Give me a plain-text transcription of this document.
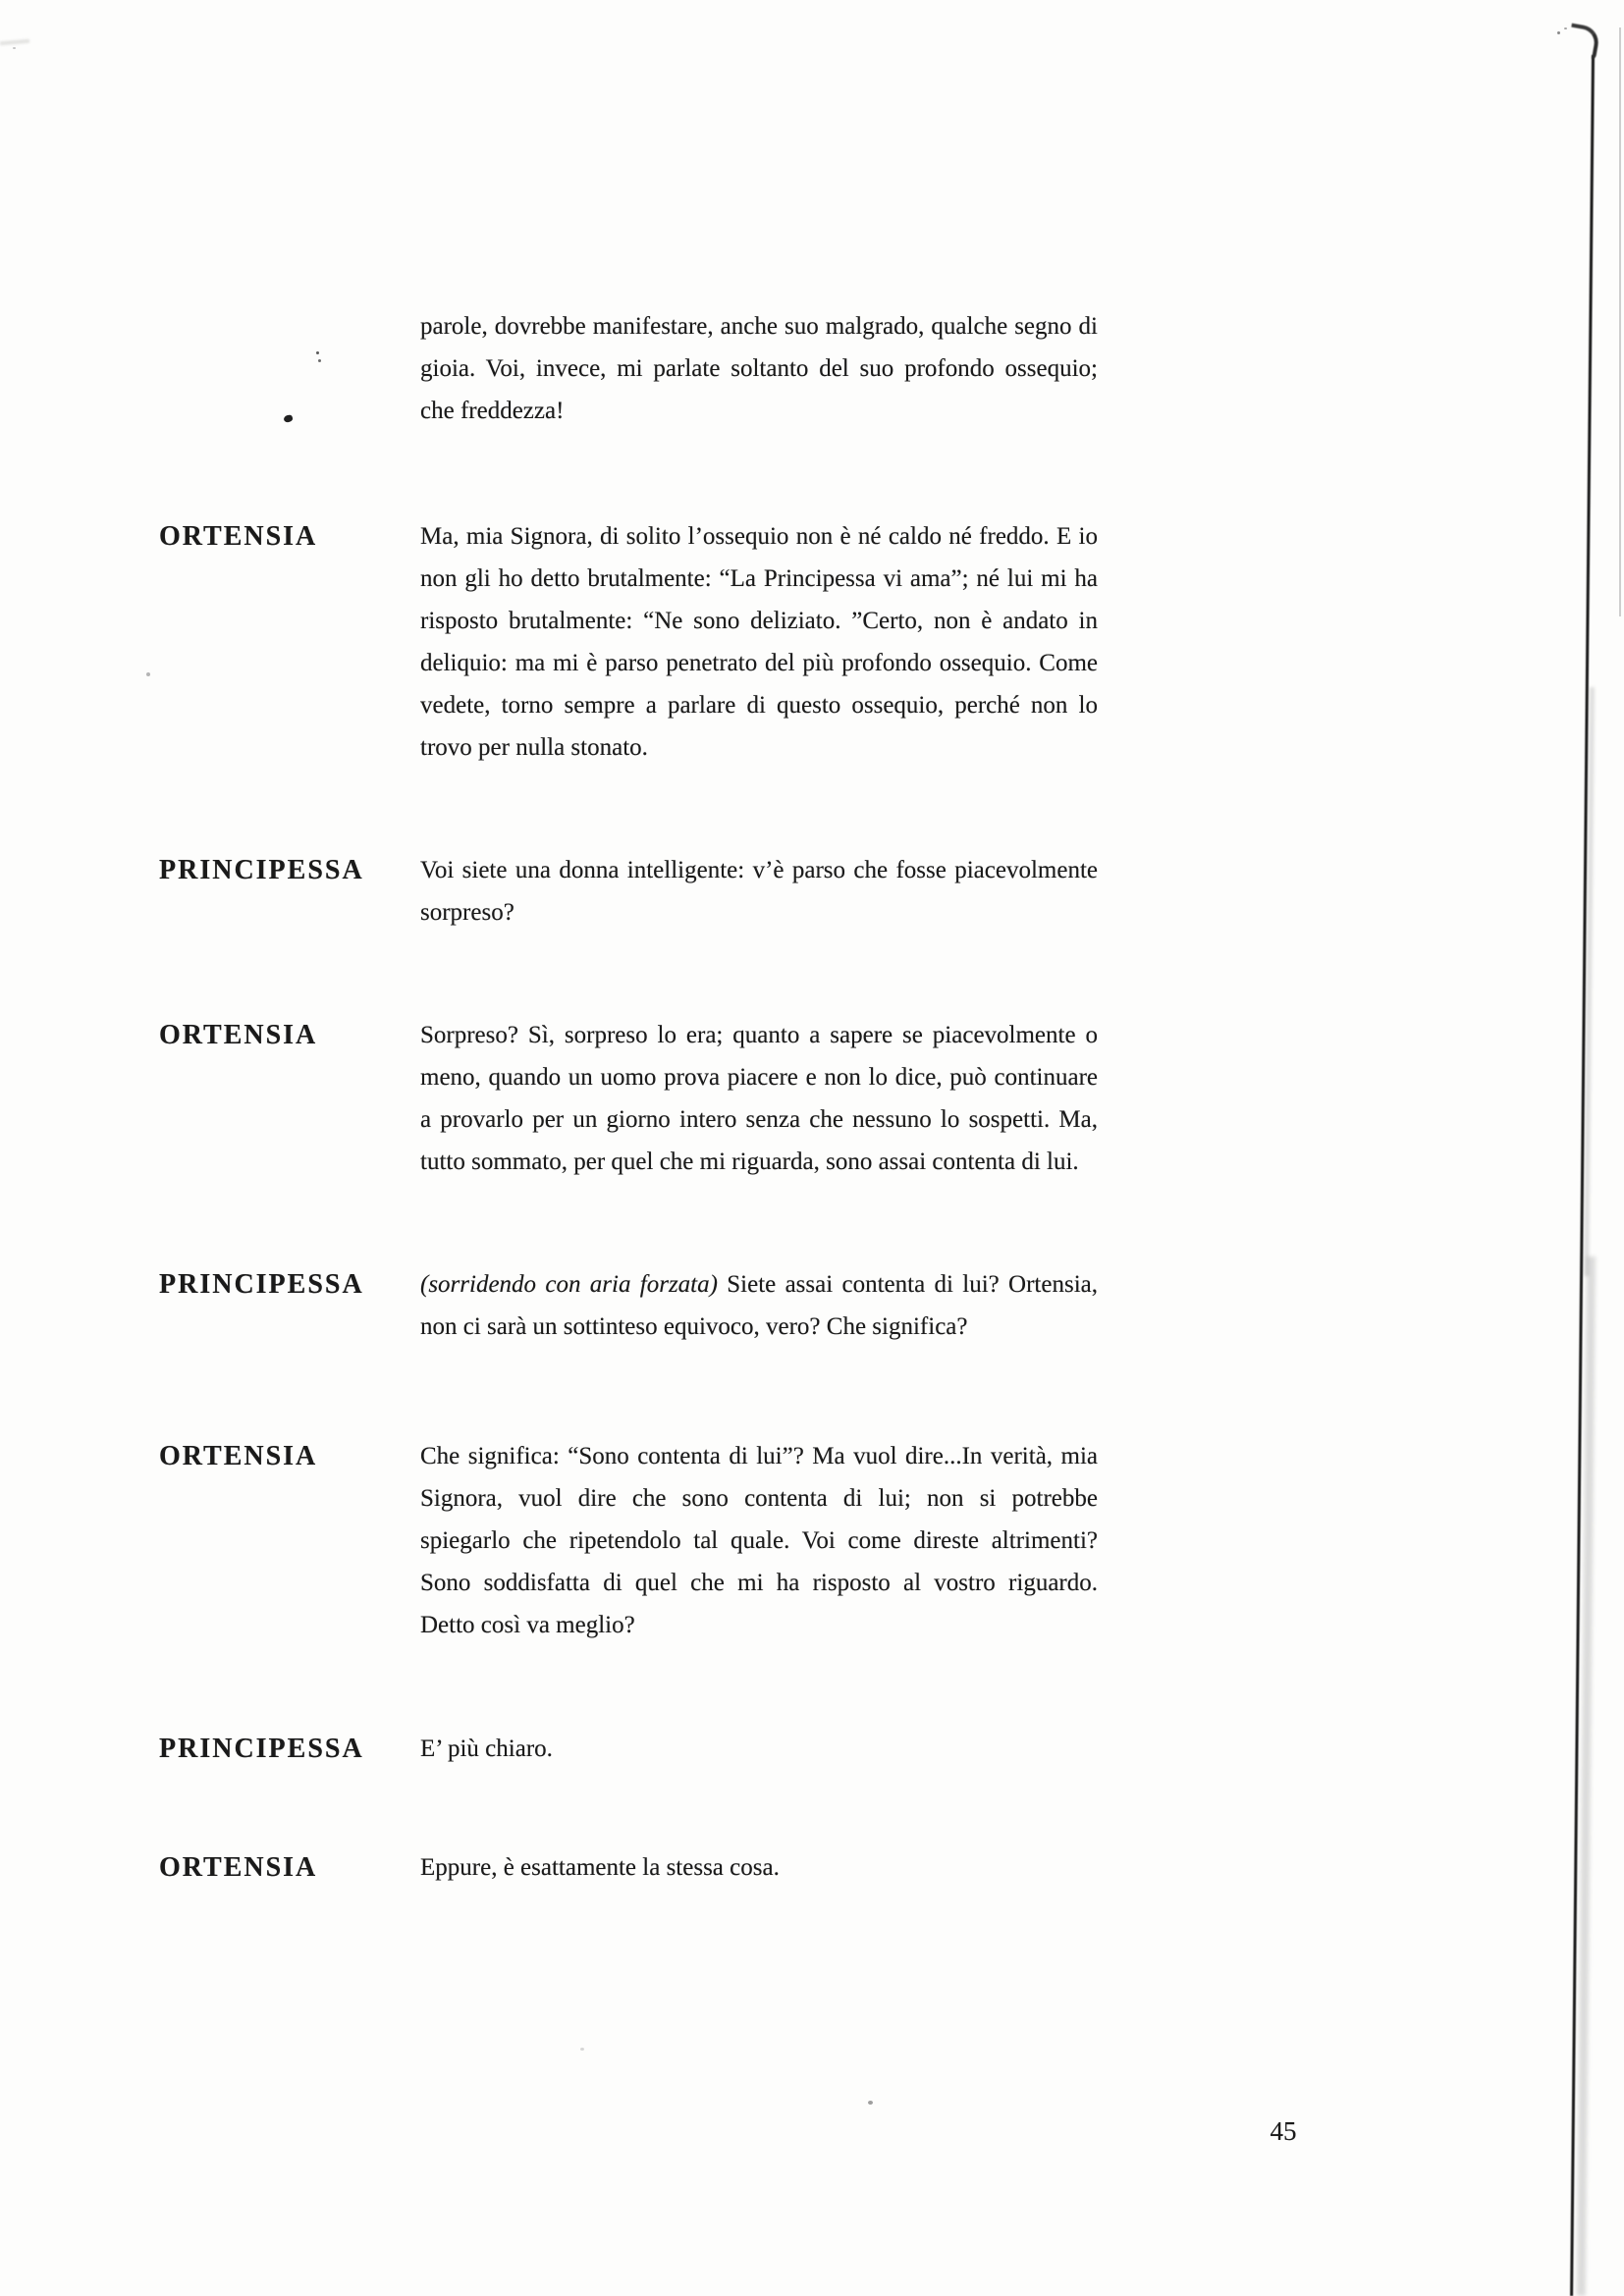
parole, dovrebbe manifestare, anche suo malgrado, qualche segno di
gioia. Voi, invece, mi parlate soltanto del suo profondo ossequio;
che freddezza!
ORTENSIA	Ma, mia Signora, di solito l’ossequio non è né caldo né freddo. E io
non gli ho detto brutalmente: “La Principessa vi ama”; né lui mi ha
risposto brutalmente: “Ne sono deliziato. ”Certo, non è andato in
deliquio: ma mi è parso penetrato del più profondo ossequio. Come
vedete, torno sempre a parlare di questo ossequio, perché non lo
trovo per nulla stonato.
PRINCIPESSA Voi siete una donna intelligente: v’è parso che fosse piacevolmente
sorpreso?
ORTENSIA	Sorpreso? Sì, sorpreso lo era; quanto a sapere se piacevolmente o
meno, quando un uomo prova piacere e non lo dice, può continuare
a provarlo per un giorno intero senza che nessuno lo sospetti. Ma,
tutto sommato, per quel che mi riguarda, sono assai contenta di lui.
PRINCIPESSA (sorridendo con aria forzata) Siete assai contenta di lui? Ortensia,
non ci sarà un sottinteso equivoco, vero? Che significa?
ORTENSIA	Che significa: “Sono contenta di lui”? Ma vuol dire...In verità, mia
Signora, vuol dire che sono contenta di lui; non si potrebbe
spiegarlo che ripetendolo tal quale. Voi come direste altrimenti?
Sono soddisfatta di quel che mi ha risposto al vostro riguardo.
Detto così va meglio?
PRINCIPESSA E’ più chiaro.
ORTENSIA	Eppure, è esattamente la stessa cosa.
45
